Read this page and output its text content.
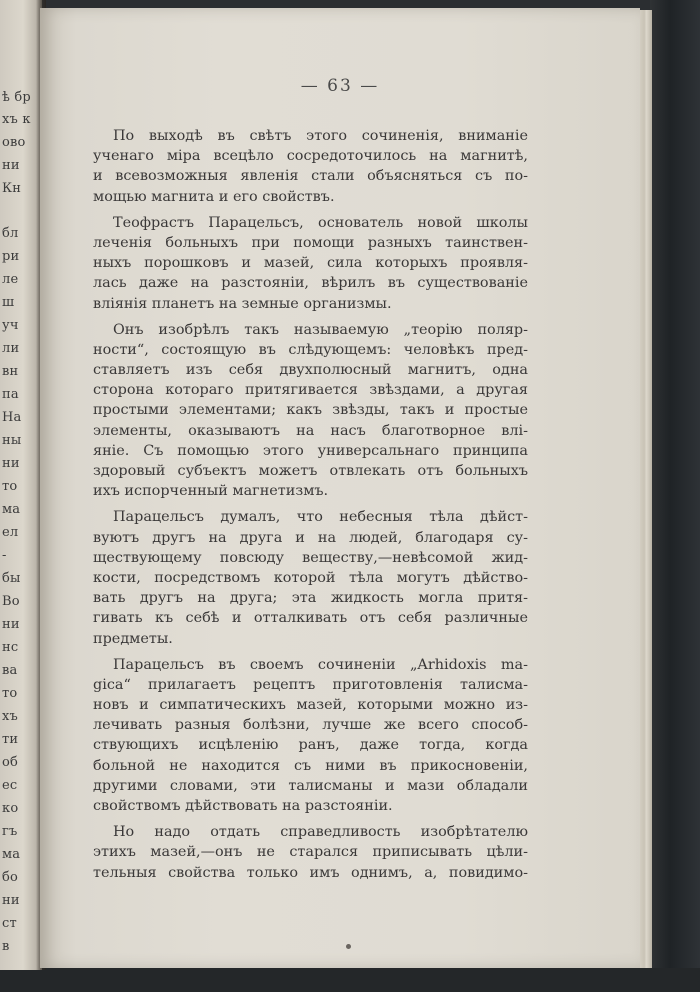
ѣ бр
хъ к
ово
ни
Кн
бл
ри
ле
ш
уч
ли
вн
па
На
ны
ни
то
ма
ел
-
бы
Во
ни
нс
ва
то
хъ
ти
об
ес
ко
гъ
ма
бо
ни
ст
в
— 63 —
По выходѣ въ свѣтъ этого сочиненія, вниманіе
ученаго міра всецѣло сосредоточилось на магнитѣ,
и всевозможныя явленія стали объясняться съ по-
мощью магнита и его свойствъ.
Теофрастъ Парацельсъ, основатель новой школы
леченія больныхъ при помощи разныхъ таинствен-
ныхъ порошковъ и мазей, сила которыхъ проявля-
лась даже на разстояніи, вѣрилъ въ существованіе
вліянія планетъ на земные организмы.
Онъ изобрѣлъ такъ называемую „теорію поляр-
ности“, состоящую въ слѣдующемъ: человѣкъ пред-
ставляетъ изъ себя двухполюсный магнитъ, одна
сторона котораго притягивается звѣздами, а другая
простыми элементами; какъ звѣзды, такъ и простые
элементы, оказываютъ на насъ благотворное влі-
яніе. Съ помощью этого универсальнаго принципа
здоровый субъектъ можетъ отвлекать отъ больныхъ
ихъ испорченный магнетизмъ.
Парацельсъ думалъ, что небесныя тѣла дѣйст-
вуютъ другъ на друга и на людей, благодаря су-
ществующему повсюду веществу,—невѣсомой жид-
кости, посредствомъ которой тѣла могутъ дѣйство-
вать другъ на друга; эта жидкость могла притя-
гивать къ себѣ и отталкивать отъ себя различные
предметы.
Парацельсъ въ своемъ сочиненіи „Arhidoxis ma-
gica“ прилагаетъ рецептъ приготовленія талисма-
новъ и симпатическихъ мазей, которыми можно из-
лечивать разныя болѣзни, лучше же всего способ-
ствующихъ исцѣленію ранъ, даже тогда, когда
больной не находится съ ними въ прикосновеніи,
другими словами, эти талисманы и мази обладали
свойствомъ дѣйствовать на разстояніи.
Но надо отдать справедливость изобрѣтателю
этихъ мазей,—онъ не старался приписывать цѣли-
тельныя свойства только имъ однимъ, а, повидимо-
